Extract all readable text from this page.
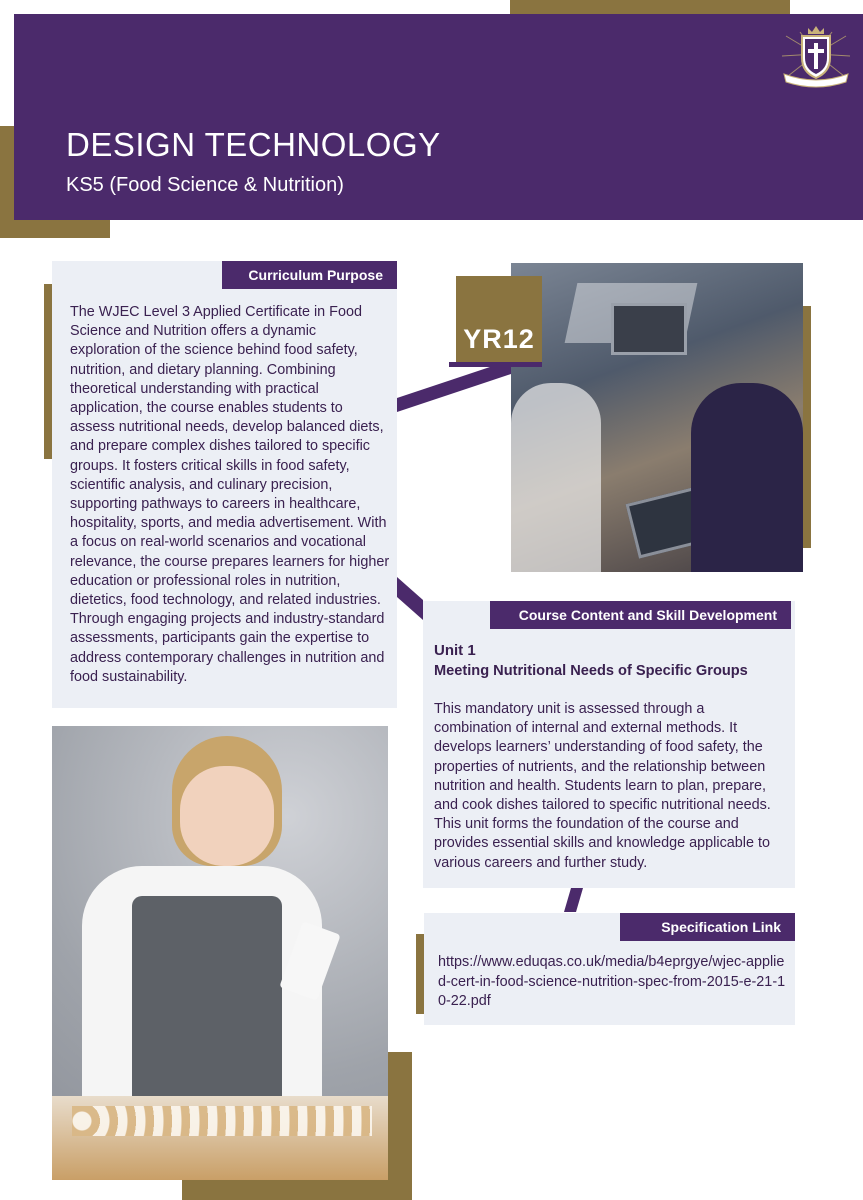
DESIGN TECHNOLOGY
KS5 (Food Science & Nutrition)
Curriculum Purpose
The WJEC Level 3 Applied Certificate in Food Science and Nutrition offers a dynamic exploration of the science behind food safety, nutrition, and dietary planning. Combining theoretical understanding with practical application, the course enables students to assess nutritional needs, develop balanced diets, and prepare complex dishes tailored to specific groups. It fosters critical skills in food safety, scientific analysis, and culinary precision, supporting pathways to careers in healthcare, hospitality, sports, and media advertisement. With a focus on real-world scenarios and vocational relevance, the course prepares learners for higher education or professional roles in nutrition, dietetics, food technology, and related industries. Through engaging projects and industry-standard assessments, participants gain the expertise to address contemporary challenges in nutrition and food sustainability.
YR12
Course Content and Skill Development
Unit 1
Meeting Nutritional Needs of Specific Groups
This mandatory unit is assessed through a combination of internal and external methods. It develops learners’ understanding of food safety, the properties of nutrients, and the relationship between nutrition and health. Students learn to plan, prepare, and cook dishes tailored to specific nutritional needs. This unit forms the foundation of the course and provides essential skills and knowledge applicable to various careers and further study.
Specification Link
https://www.eduqas.co.uk/media/b4eprgye/wjec-applied-cert-in-food-science-nutrition-spec-from-2015-e-21-10-22.pdf
